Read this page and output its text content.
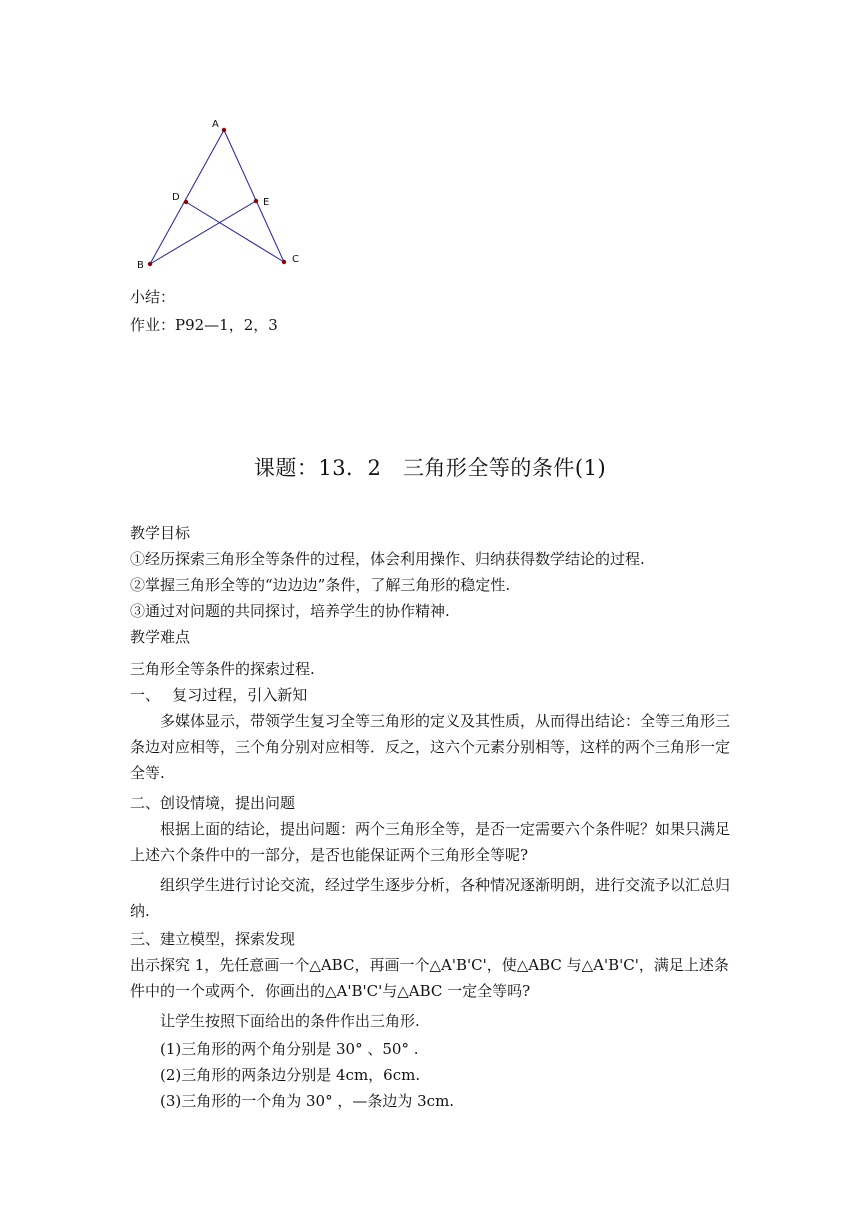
A
B
C
D	E
小结：
作业：P92—1，2，3
课题：13．2　三角形全等的条件(1)
教学目标
①经历探索三角形全等条件的过程，体会利用操作、归纳获得数学结论的过程.
②掌握三角形全等的“边边边”条件，了解三角形的稳定性.
③通过对问题的共同探讨，培养学生的协作精神.
教学难点
三角形全等条件的探索过程.
一、　 复习过程，引入新知
多媒体显示，带领学生复习全等三角形的定义及其性质，从而得出结论：全等三角形三条边对应相等，三个角分别对应相等．反之，这六个元素分别相等，这样的两个三角形一定全等.
二、创设情境，提出问题
根据上面的结论，提出问题：两个三角形全等，是否一定需要六个条件呢？如果只满足上述六个条件中的一部分，是否也能保证两个三角形全等呢?
组织学生进行讨论交流，经过学生逐步分析，各种情况逐渐明朗，进行交流予以汇总归纳.
三、建立模型，探索发现
出示探究 1，先任意画一个△ABC，再画一个△A'B'C'，使△ABC 与△A'B'C'，满足上述条件中的一个或两个．你画出的△A'B'C'与△ABC 一定全等吗?
让学生按照下面给出的条件作出三角形.
(1)三角形的两个角分别是 30° 、50° .
(2)三角形的两条边分别是 4cm，6cm.
(3)三角形的一个角为 30° ，—条边为 3cm.
